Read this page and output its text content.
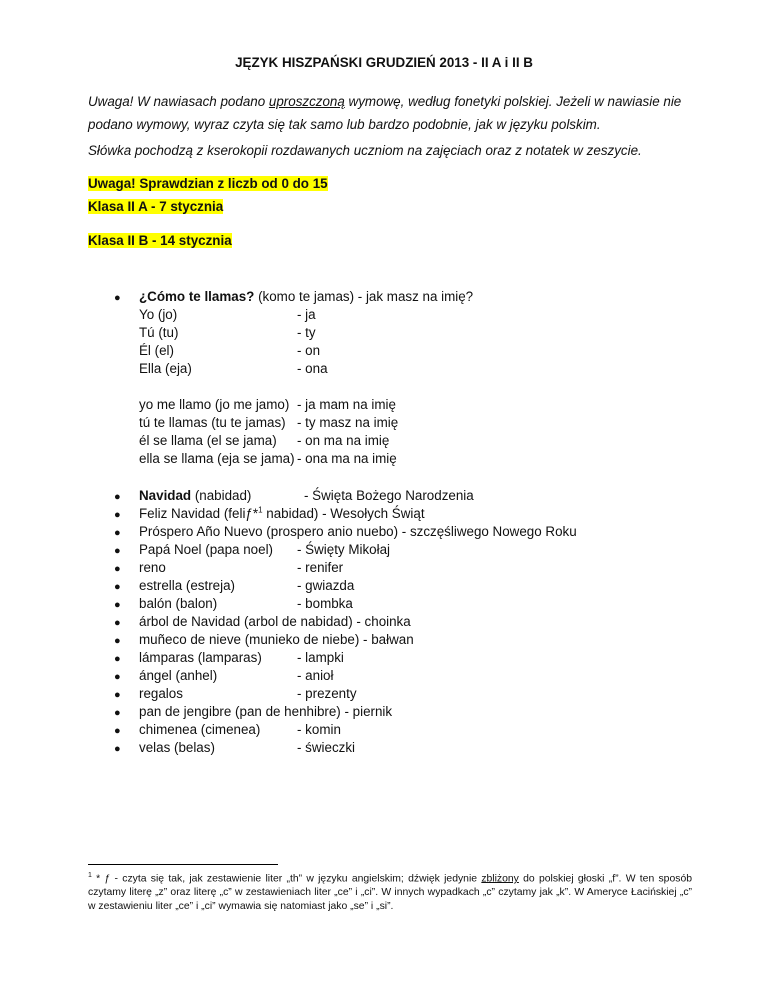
JĘZYK HISZPAŃSKI GRUDZIEŃ 2013 - II A i II B
Uwaga! W nawiasach podano uproszczoną wymowę, według fonetyki polskiej. Jeżeli w nawiasie nie podano wymowy, wyraz czyta się tak samo lub bardzo podobnie, jak w języku polskim.
Słówka pochodzą z kserokopii rozdawanych uczniom na zajęciach oraz z notatek w zeszycie.
Uwaga! Sprawdzian z liczb od 0 do 15
Klasa II A - 7 stycznia
Klasa II B - 14 stycznia
● ¿Cómo te llamas? (komo te jamas) - jak masz na imię?
Yo (jo)	- ja
Tú (tu)	- ty
Él (el)	- on
Ella (eja)	- ona
yo me llamo (jo me jamo) - ja mam na imię
tú te llamas (tu te jamas) - ty masz na imię
él se llama (el se jama) - on ma na imię
ella se llama (eja se jama) - ona ma na imię
● Navidad (nabidad)	- Święta Bożego Narodzenia
● Feliz Navidad (feliƒ*$^1$ nabidad) - Wesołych Świąt
● Próspero Año Nuevo (prospero anio nuebo) - szczęśliwego Nowego Roku
● Papá Noel (papa noel) - Święty Mikołaj
● reno	- renifer
● estrella (estreja)	- gwiazda
● balón (balon)	- bombka
● árbol de Navidad (arbol de nabidad) - choinka
● muñeco de nieve (munieko de niebe) - bałwan
● lámparas (lamparas)	- lampki
● ángel (anhel)	- anioł
● regalos	- prezenty
● pan de jengibre (pan de henhibre) - piernik
● chimenea (cimenea)	- komin
● velas (belas)	- świeczki
$^1$ * ƒ - czyta się tak, jak zestawienie liter „th” w języku angielskim; dźwięk jedynie zbliżony do polskiej głoski „f”. W ten sposób czytamy literę „z” oraz literę „c” w zestawieniach liter „ce” i „ci”. W innych wypadkach „c” czytamy jak „k”. W Ameryce Łacińskiej „c” w zestawieniu liter „ce” i „ci” wymawia się natomiast jako „se” i „si”.
